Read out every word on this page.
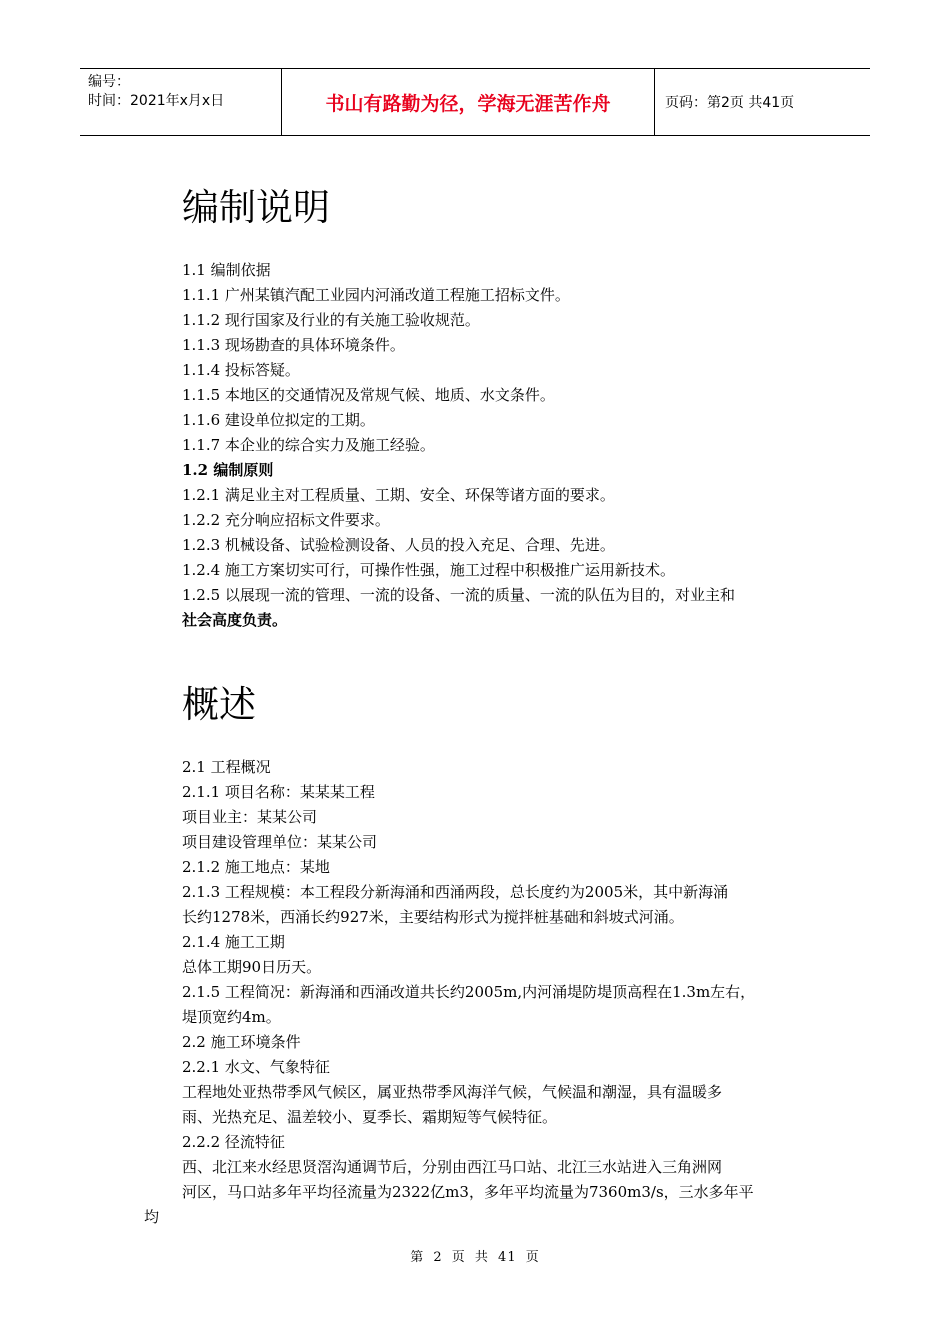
编号：
时间：2021年x月x日	书山有路勤为径，学海无涯苦作舟	页码：第2页 共41页
编制说明
1.1 编制依据
1.1.1 广州某镇汽配工业园内河涌改道工程施工招标文件。
1.1.2 现行国家及行业的有关施工验收规范。
1.1.3 现场勘查的具体环境条件。
1.1.4 投标答疑。
1.1.5 本地区的交通情况及常规气候、地质、水文条件。
1.1.6 建设单位拟定的工期。
1.1.7 本企业的综合实力及施工经验。
1.2 编制原则
1.2.1 满足业主对工程质量、工期、安全、环保等诸方面的要求。
1.2.2 充分响应招标文件要求。
1.2.3 机械设备、试验检测设备、人员的投入充足、合理、先进。
1.2.4 施工方案切实可行，可操作性强，施工过程中积极推广运用新技术。
1.2.5 以展现一流的管理、一流的设备、一流的质量、一流的队伍为目的，对业主和
社会高度负责。
概述
2.1 工程概况
2.1.1 项目名称：某某某工程
项目业主：某某公司
项目建设管理单位：某某公司
2.1.2 施工地点：某地
2.1.3 工程规模：本工程段分新海涌和西涌两段，总长度约为2005米，其中新海涌
长约1278米，西涌长约927米，主要结构形式为搅拌桩基础和斜坡式河涌。
2.1.4 施工工期
总体工期90日历天。
2.1.5 工程简况：新海涌和西涌改道共长约2005m,内河涌堤防堤顶高程在1.3m左右，
堤顶宽约4m。
2.2 施工环境条件
2.2.1 水文、气象特征
工程地处亚热带季风气候区，属亚热带季风海洋气候，气候温和潮湿，具有温暖多
雨、光热充足、温差较小、夏季长、霜期短等气候特征。
2.2.2 径流特征
西、北江来水经思贤滘沟通调节后，分别由西江马口站、北江三水站进入三角洲网
河区，马口站多年平均径流量为2322亿m3，多年平均流量为7360m3/s，三水多年平
均
第 2 页 共 41 页
